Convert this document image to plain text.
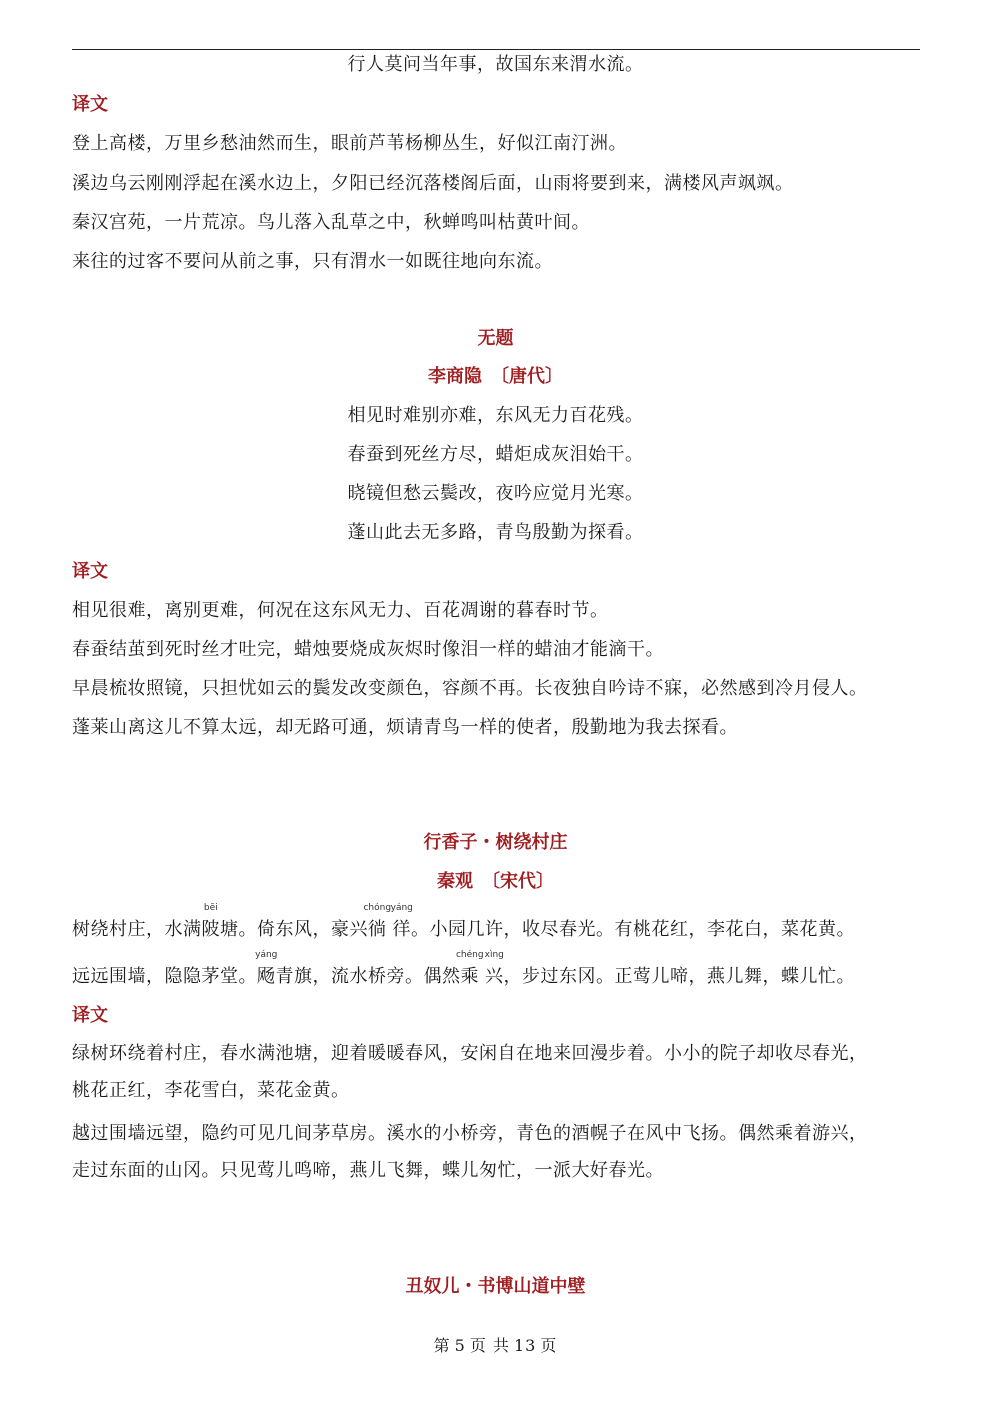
行人莫问当年事，故国东来渭水流。
译文
登上高楼，万里乡愁油然而生，眼前芦苇杨柳丛生，好似江南汀洲。
溪边乌云刚刚浮起在溪水边上，夕阳已经沉落楼阁后面，山雨将要到来，满楼风声飒飒。
秦汉宫苑，一片荒凉。鸟儿落入乱草之中，秋蝉鸣叫枯黄叶间。
来往的过客不要问从前之事，只有渭水一如既往地向东流。
无题
李商隐　〔唐代〕
相见时难别亦难，东风无力百花残。
春蚕到死丝方尽，蜡炬成灰泪始干。
晓镜但愁云鬓改，夜吟应觉月光寒。
蓬山此去无多路，青鸟殷勤为探看。
译文
相见很难，离别更难，何况在这东风无力、百花凋谢的暮春时节。
春蚕结茧到死时丝才吐完，蜡烛要烧成灰烬时像泪一样的蜡油才能滴干。
早晨梳妆照镜，只担忧如云的鬓发改变颜色，容颜不再。长夜独自吟诗不寐，必然感到冷月侵人。
蓬莱山离这儿不算太远，却无路可通，烦请青鸟一样的使者，殷勤地为我去探看。
行香子・树绕村庄
秦观　〔宋代〕
树绕村庄，水满
bēi
陂塘。倚东风，豪兴
chóng
徜
yáng
徉。小园几许，收尽春光。有桃花红，李花白，菜花黄。
远远围墙，隐隐茅堂。
yáng
飏青旗，流水桥旁。偶然
chéng
乘
xìng
兴，步过东冈。正莺儿啼，燕儿舞，蝶儿忙。
译文
绿树环绕着村庄，春水满池塘，迎着暖暖春风，安闲自在地来回漫步着。小小的院子却收尽春光，
桃花正红，李花雪白，菜花金黄。
越过围墙远望，隐约可见几间茅草房。溪水的小桥旁，青色的酒幌子在风中飞扬。偶然乘着游兴，
走过东面的山冈。只见莺儿鸣啼，燕儿飞舞，蝶儿匆忙，一派大好春光。
丑奴儿・书博山道中壁
第 5 页 共 13 页
